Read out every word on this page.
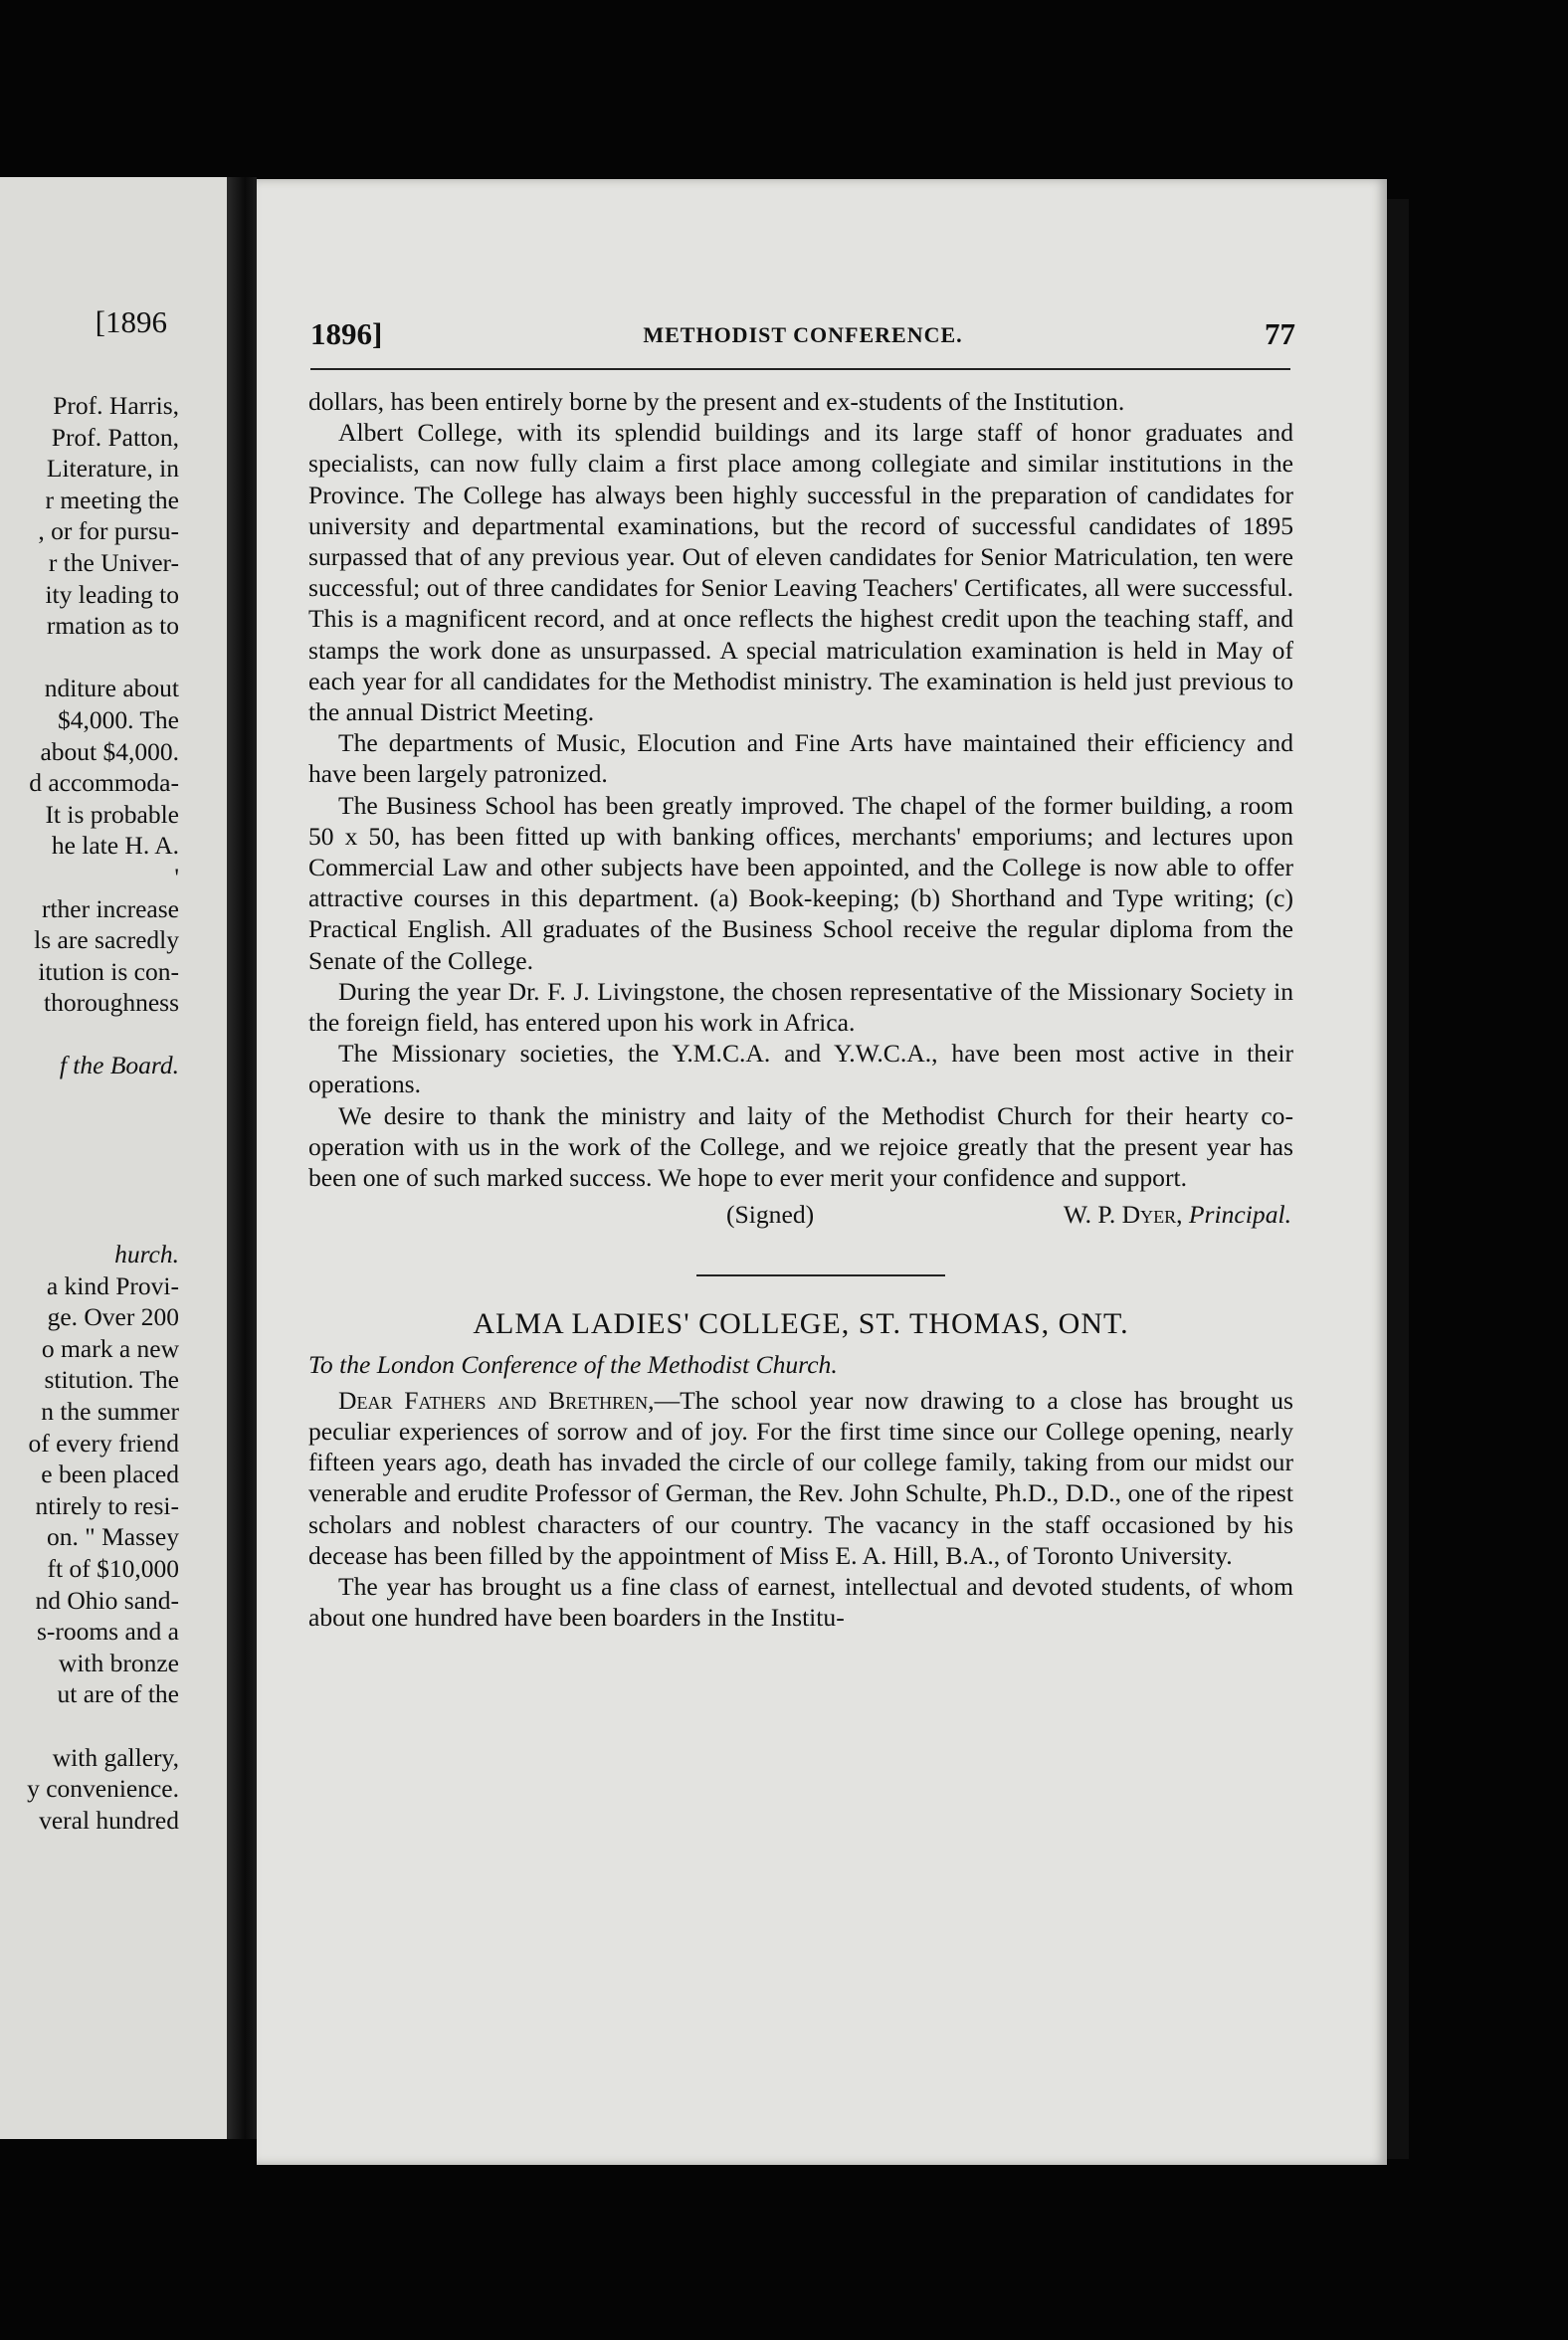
[1896
Prof. Harris,
Prof. Patton,
Literature, in
r meeting the
, or for pursu-
r the Univer-
ity leading to
rmation as to
nditure about
$4,000. The
about $4,000.
d accommoda-
It is probable
he late H. A.
'
rther increase
ls are sacredly
itution is con-
thoroughness
f the Board.
hurch.
a kind Provi-
ge. Over 200
o mark a new
stitution. The
n the summer
of every friend
e been placed
ntirely to resi-
on. " Massey
ft of $10,000
nd Ohio sand-
s-rooms and a
with bronze
ut are of the
with gallery,
y convenience.
veral hundred
1896]	METHODIST CONFERENCE.	77

dollars, has been entirely borne by the present and ex-students of the Institution.

Albert College, with its splendid buildings and its large staff of honor graduates and specialists, can now fully claim a first place among collegiate and similar institutions in the Province. The College has always been highly successful in the preparation of candidates for university and departmental examinations, but the record of successful candidates of 1895 surpassed that of any previous year. Out of eleven candidates for Senior Matriculation, ten were successful; out of three candidates for Senior Leaving Teachers' Certificates, all were successful. This is a magnificent record, and at once reflects the highest credit upon the teaching staff, and stamps the work done as unsurpassed. A special matriculation examination is held in May of each year for all candidates for the Methodist ministry. The examination is held just previous to the annual District Meeting.

The departments of Music, Elocution and Fine Arts have maintained their efficiency and have been largely patronized.

The Business School has been greatly improved. The chapel of the former building, a room 50 x 50, has been fitted up with banking offices, merchants' emporiums; and lectures upon Commercial Law and other subjects have been appointed, and the College is now able to offer attractive courses in this department. (a) Book-keeping; (b) Shorthand and Type writing; (c) Practical English. All graduates of the Business School receive the regular diploma from the Senate of the College.

During the year Dr. F. J. Livingstone, the chosen representative of the Missionary Society in the foreign field, has entered upon his work in Africa.

The Missionary societies, the Y.M.C.A. and Y.W.C.A., have been most active in their operations.

We desire to thank the ministry and laity of the Methodist Church for their hearty co-operation with us in the work of the College, and we rejoice greatly that the present year has been one of such marked success. We hope to ever merit your confidence and support.

(Signed)	W. P. Dyer, Principal.
ALMA LADIES' COLLEGE, ST. THOMAS, ONT.
To the London Conference of the Methodist Church.

Dear Fathers and Brethren,—The school year now drawing to a close has brought us peculiar experiences of sorrow and of joy. For the first time since our College opening, nearly fifteen years ago, death has invaded the circle of our college family, taking from our midst our venerable and erudite Professor of German, the Rev. John Schulte, Ph.D., D.D., one of the ripest scholars and noblest characters of our country. The vacancy in the staff occasioned by his decease has been filled by the appointment of Miss E. A. Hill, B.A., of Toronto University.

The year has brought us a fine class of earnest, intellectual and devoted students, of whom about one hundred have been boarders in the Institu-
